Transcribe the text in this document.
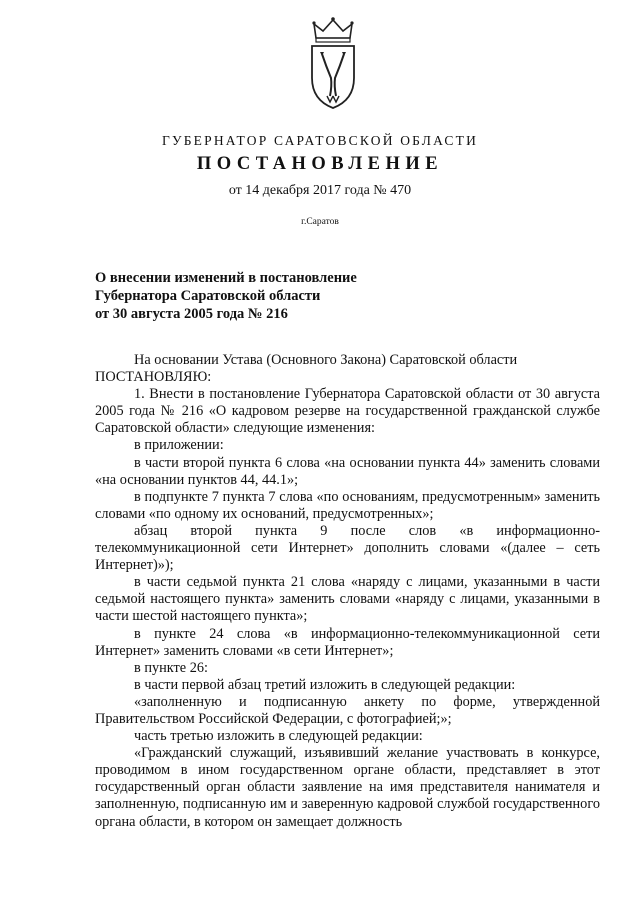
ГУБЕРНАТОР САРАТОВСКОЙ ОБЛАСТИ
ПОСТАНОВЛЕНИЕ
от 14 декабря 2017 года № 470
г.Саратов
О внесении изменений в постановление
Губернатора Саратовской области
от 30 августа 2005 года № 216

На основании Устава (Основного Закона) Саратовской области

ПОСТАНОВЛЯЮ:

1. Внести в постановление Губернатора Саратовской области от 30 августа 2005 года № 216 «О кадровом резерве на государственной гражданской службе Саратовской области» следующие изменения:

в приложении:

в части второй пункта 6 слова «на основании пункта 44» заменить словами «на основании пунктов 44, 44.1»;

в подпункте 7 пункта 7 слова «по основаниям, предусмотренным» заменить словами «по одному их оснований, предусмотренных»;

абзац второй пункта 9 после слов «в информационно-телекоммуникационной сети Интернет» дополнить словами «(далее – сеть Интернет)»);

в части седьмой пункта 21 слова «наряду с лицами, указанными в части седьмой настоящего пункта» заменить словами «наряду с лицами, указанными в части шестой настоящего пункта»;

в пункте 24 слова «в информационно-телекоммуникационной сети Интернет» заменить словами «в сети Интернет»;

в пункте 26:

в части первой абзац третий изложить в следующей редакции:

«заполненную и подписанную анкету по форме, утвержденной Правительством Российской Федерации, с фотографией;»;

часть третью изложить в следующей редакции:

«Гражданский служащий, изъявивший желание участвовать в конкурсе, проводимом в ином государственном органе области, представляет в этот государственный орган области заявление на имя представителя нанимателя и заполненную, подписанную им и заверенную кадровой службой государственного органа области, в котором он замещает должность
